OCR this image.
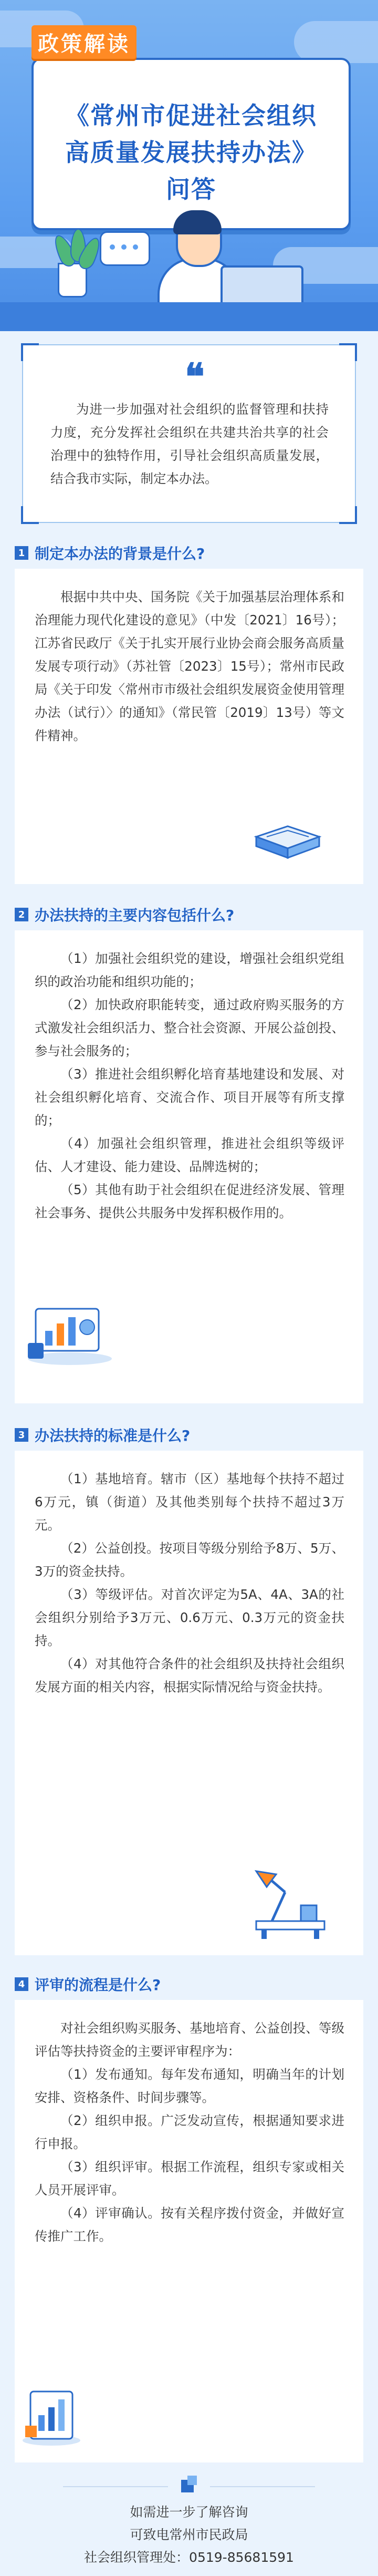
《常州市促进社会组织
高质量发展扶持办法》
问答
政策解读
❝

为进一步加强对社会组织的监督管理和扶持力度，充分发挥社会组织在共建共治共享的社会治理中的独特作用，引导社会组织高质量发展，结合我市实际，制定本办法。

1 制定本办法的背景是什么?

根据中共中央、国务院《关于加强基层治理体系和治理能力现代化建设的意见》（中发〔2021〕16号）；江苏省民政厅《关于扎实开展行业协会商会服务高质量发展专项行动》（苏社管〔2023〕15号）；常州市民政局《关于印发〈常州市市级社会组织发展资金使用管理办法（试行）〉的通知》（常民管〔2019〕13号）等文件精神。

2 办法扶持的主要内容包括什么?

（1）加强社会组织党的建设，增强社会组织党组织的政治功能和组织功能的；

（2）加快政府职能转变，通过政府购买服务的方式激发社会组织活力、整合社会资源、开展公益创投、参与社会服务的；

（3）推进社会组织孵化培育基地建设和发展、对社会组织孵化培育、交流合作、项目开展等有所支撑的；

（4）加强社会组织管理，推进社会组织等级评估、人才建设、能力建设、品牌选树的；

（5）其他有助于社会组织在促进经济发展、管理社会事务、提供公共服务中发挥积极作用的。

3 办法扶持的标准是什么?

（1）基地培育。辖市（区）基地每个扶持不超过6万元，镇（街道）及其他类别每个扶持不超过3万元。

（2）公益创投。按项目等级分别给予8万、5万、3万的资金扶持。

（3）等级评估。对首次评定为5A、4A、3A的社会组织分别给予3万元、0.6万元、0.3万元的资金扶持。

（4）对其他符合条件的社会组织及扶持社会组织发展方面的相关内容，根据实际情况给与资金扶持。

4 评审的流程是什么?

对社会组织购买服务、基地培育、公益创投、等级评估等扶持资金的主要评审程序为：

（1）发布通知。每年发布通知，明确当年的计划安排、资格条件、时间步骤等。

（2）组织申报。广泛发动宣传，根据通知要求进行申报。

（3）组织评审。根据工作流程，组织专家或相关人员开展评审。

（4）评审确认。按有关程序拨付资金，并做好宣传推广工作。

如需进一步了解咨询
可致电常州市民政局
社会组织管理处：0519-85681591
